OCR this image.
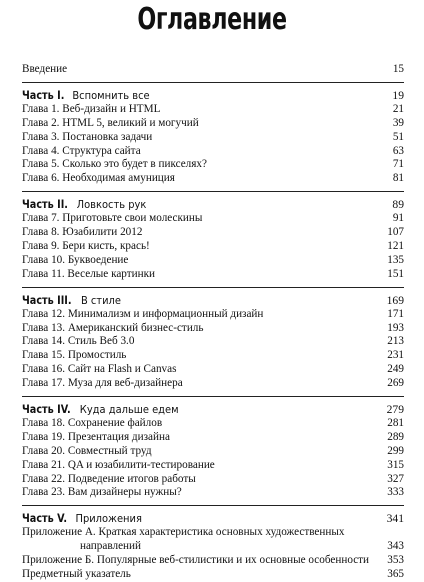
Оглавление
Введение	15
Часть I. Вспомнить все	19
Глава 1. Веб-дизайн и HTML	21
Глава 2. HTML 5, великий и могучий	39
Глава 3. Постановка задачи	51
Глава 4. Структура сайта	63
Глава 5. Сколько это будет в пикселях?	71
Глава 6. Необходимая амуниция	81
Часть II. Ловкость рук	89
Глава 7. Приготовьте свои молескины	91
Глава 8. Юзабилити 2012	107
Глава 9. Бери кисть, крась!	121
Глава 10. Буквоедение	135
Глава 11. Веселые картинки	151
Часть III. В стиле	169
Глава 12. Минимализм и информационный дизайн	171
Глава 13. Американский бизнес-стиль	193
Глава 14. Стиль Веб 3.0	213
Глава 15. Промостиль	231
Глава 16. Сайт на Flash и Canvas	249
Глава 17. Муза для веб-дизайнера	269
Часть IV. Куда дальше едем	279
Глава 18. Сохранение файлов	281
Глава 19. Презентация дизайна	289
Глава 20. Совместный труд	299
Глава 21. QA и юзабилити-тестирование	315
Глава 22. Подведение итогов работы	327
Глава 23. Вам дизайнеры нужны?	333
Часть V. Приложения	341
Приложение А. Краткая характеристика основных художественных
направлений	343
Приложение Б. Популярные веб-стилистики и их основные особенности	353
Предметный указатель	365
